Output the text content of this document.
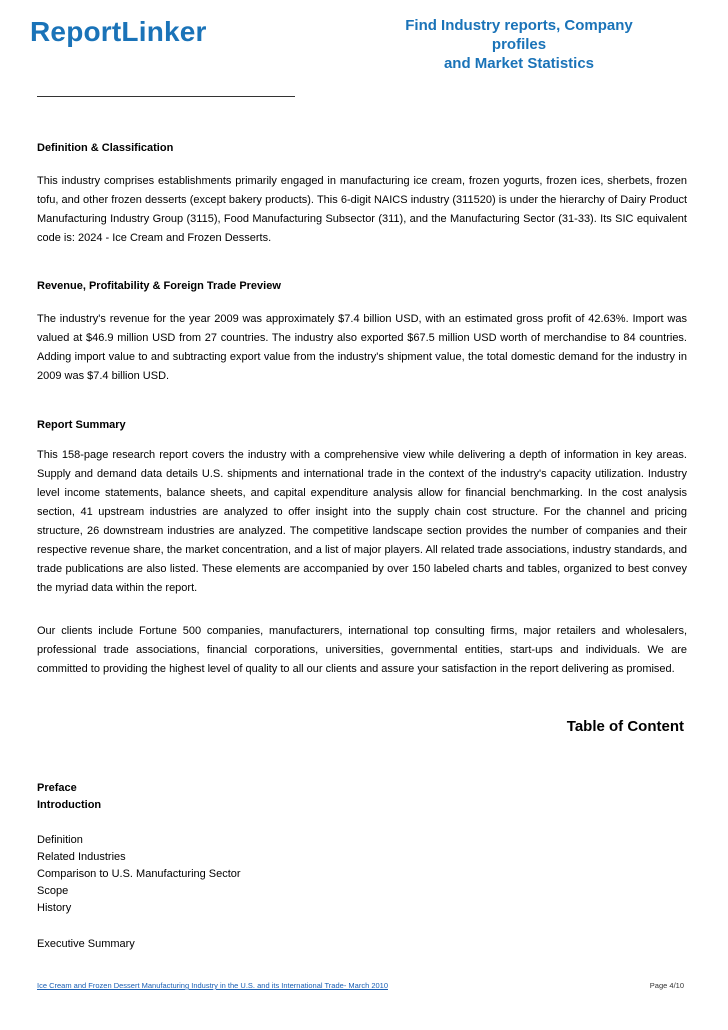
ReportLinker	Find Industry reports, Company profiles
and Market Statistics
Definition & Classification

This industry comprises establishments primarily engaged in manufacturing ice cream, frozen yogurts, frozen ices, sherbets, frozen tofu, and other frozen desserts (except bakery products). This 6-digit NAICS industry (311520) is under the hierarchy of Dairy Product Manufacturing Industry Group (3115), Food Manufacturing Subsector (311), and the Manufacturing Sector (31-33). Its SIC equivalent code is: 2024 - Ice Cream and Frozen Desserts.

Revenue, Profitability & Foreign Trade Preview

The industry's revenue for the year 2009 was approximately $7.4 billion USD, with an estimated gross profit of 42.63%. Import was valued at $46.9 million USD from 27 countries. The industry also exported $67.5 million USD worth of merchandise to 84 countries. Adding import value to and subtracting export value from the industry's shipment value, the total domestic demand for the industry in 2009 was $7.4 billion USD.

Report Summary

This 158-page research report covers the industry with a comprehensive view while delivering a depth of information in key areas. Supply and demand data details U.S. shipments and international trade in the context of the industry's capacity utilization. Industry level income statements, balance sheets, and capital expenditure analysis allow for financial benchmarking. In the cost analysis section, 41 upstream industries are analyzed to offer insight into the supply chain cost structure. For the channel and pricing structure, 26 downstream industries are analyzed. The competitive landscape section provides the number of companies and their respective revenue share, the market concentration, and a list of major players. All related trade associations, industry standards, and trade publications are also listed. These elements are accompanied by over 150 labeled charts and tables, organized to best convey the myriad data within the report.

Our clients include Fortune 500 companies, manufacturers, international top consulting firms, major retailers and wholesalers, professional trade associations, financial corporations, universities, governmental entities, start-ups and individuals. We are committed to providing the highest level of quality to all our clients and assure your satisfaction in the report delivering as promised.

Table of Content
Preface
Introduction
Definition
Related Industries
Comparison to U.S. Manufacturing Sector
Scope
History
Executive Summary
Ice Cream and Frozen Dessert Manufacturing Industry in the U.S. and its International Trade- March 2010	Page 4/10
